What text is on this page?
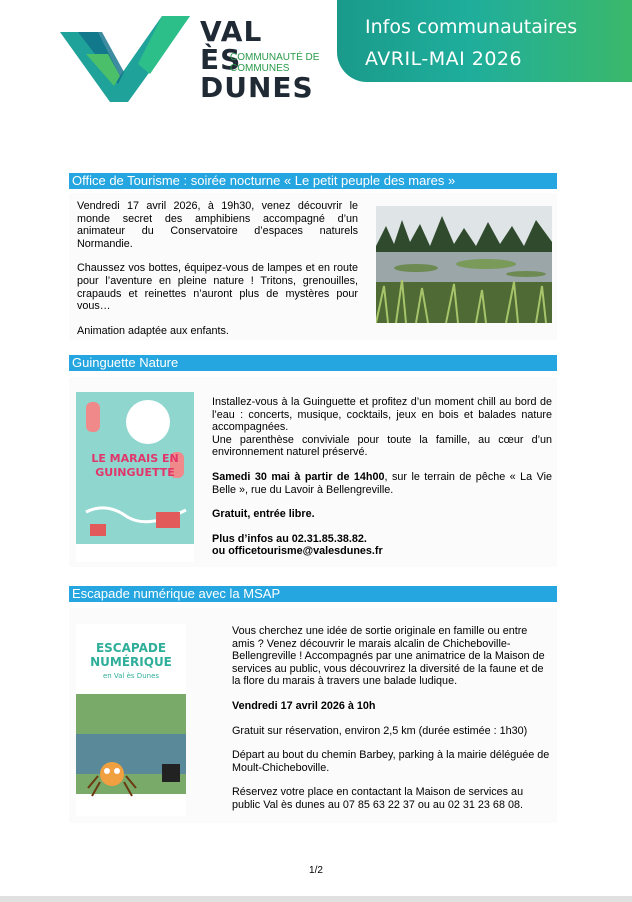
VAL
ÈS
DUNES
COMMUNAUTÉ DE COMMUNES
Infos communautaires
AVRIL-MAI 2026
Office de Tourisme : soirée nocturne « Le petit peuple des mares »

Vendredi 17 avril 2026, à 19h30, venez découvrir le monde secret des amphibiens accompagné d’un animateur du Conservatoire d’espaces naturels Normandie.

Chaussez vos bottes, équipez-vous de lampes et en route pour l’aventure en pleine nature ! Tritons, grenouilles, crapauds et reinettes n’auront plus de mystères pour vous…

Animation adaptée aux enfants.

Guinguette Nature
LE MARAIS EN
GUINGUETTE

Installez-vous à la Guinguette et profitez d’un moment chill au bord de l’eau : concerts, musique, cocktails, jeux en bois et balades nature accompagnées.

Une parenthèse conviviale pour toute la famille, au cœur d’un environnement naturel préservé.

Samedi 30 mai à partir de 14h00, sur le terrain de pêche « La Vie Belle », rue du Lavoir à Bellengreville.

Gratuit, entrée libre.

Plus d’infos au 02.31.85.38.82.

ou officetourisme@valesdunes.fr

Escapade numérique avec la MSAP
ESCAPADE
NUMÉRIQUE
en Val ès Dunes

Vous cherchez une idée de sortie originale en famille ou entre amis ? Venez découvrir le marais alcalin de Chicheboville-Bellengreville ! Accompagnés par une animatrice de la Maison de services au public, vous découvrirez la diversité de la faune et de la flore du marais à travers une balade ludique.

Vendredi 17 avril 2026 à 10h

Gratuit sur réservation, environ 2,5 km (durée estimée : 1h30)

Départ au bout du chemin Barbey, parking à la mairie déléguée de Moult-Chicheboville.

Réservez votre place en contactant la Maison de services au public Val ès dunes au 07 85 63 22 37 ou au 02 31 23 68 08.

1/2
